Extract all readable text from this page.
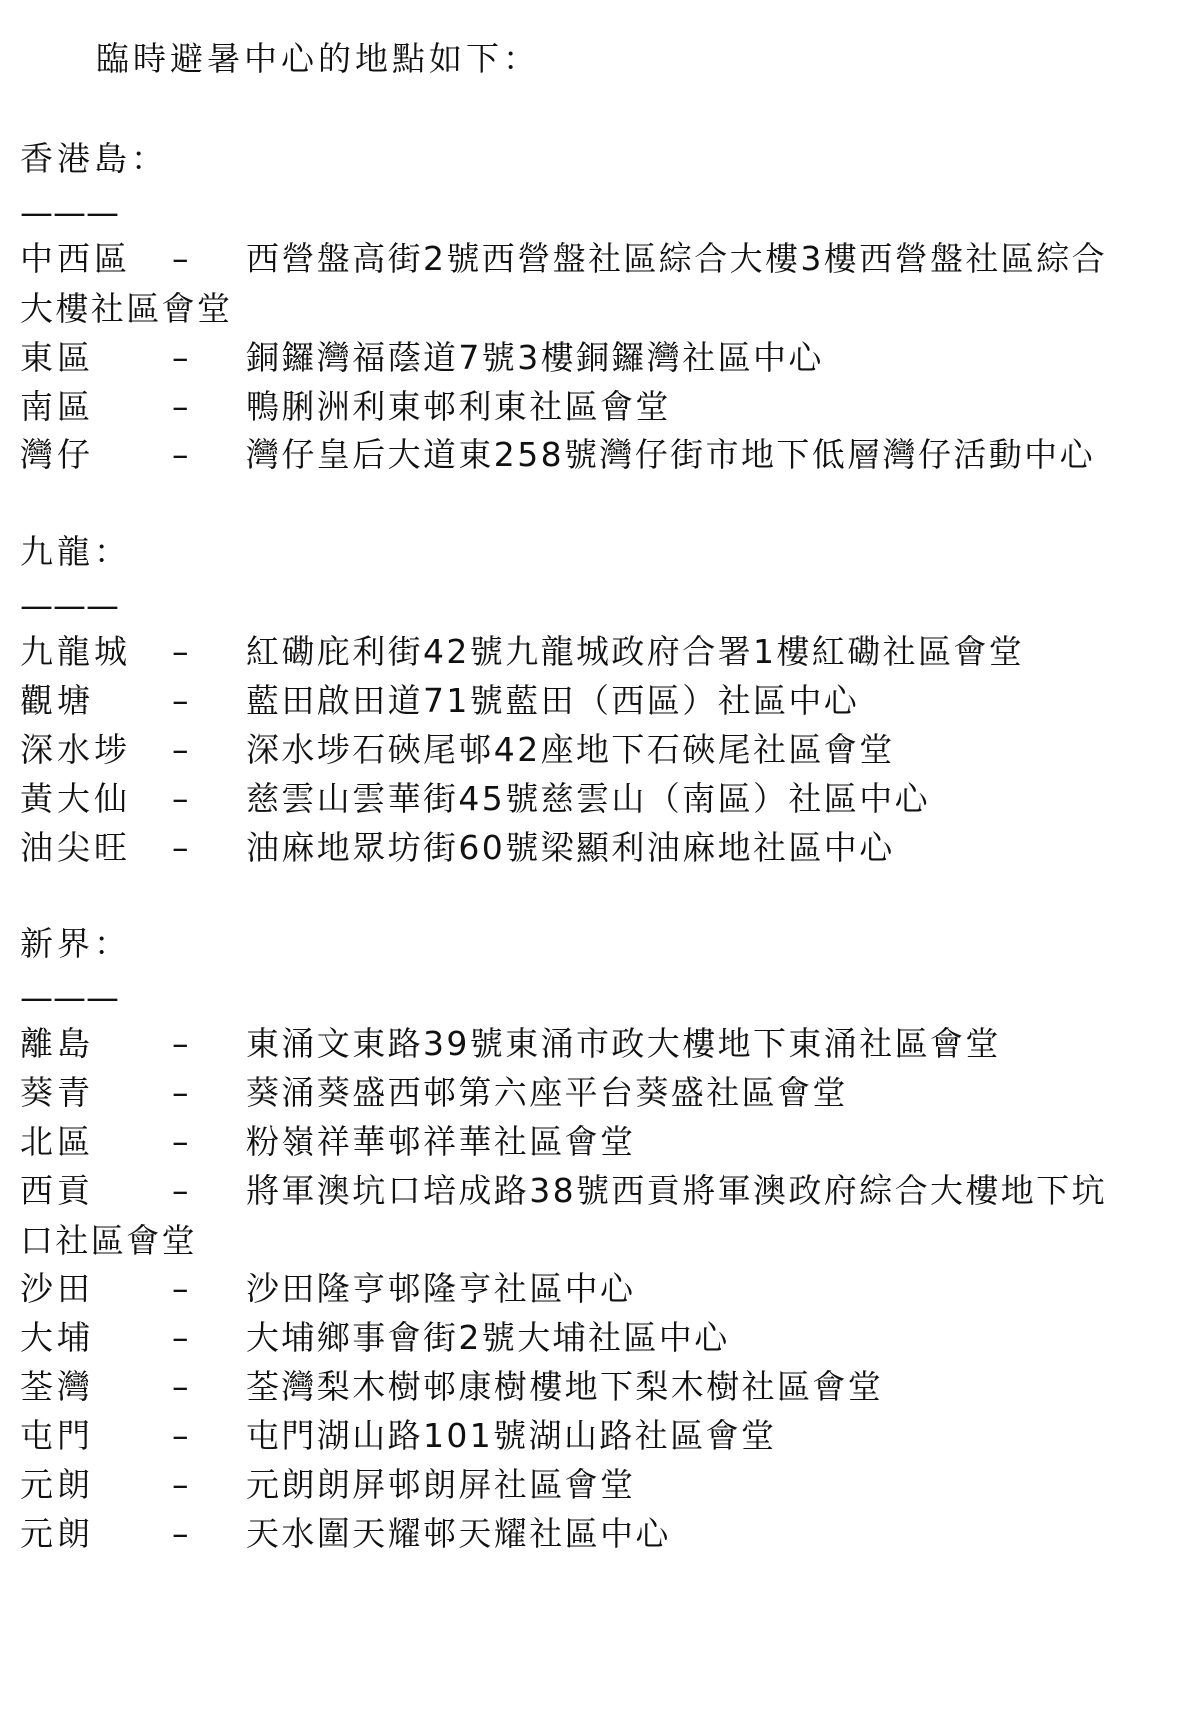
臨時避暑中心的地點如下：
香港島：
———
中西區 – 西營盤高街2號西營盤社區綜合大樓3樓西營盤社區綜合
大樓社區會堂
東區 – 銅鑼灣福蔭道7號3樓銅鑼灣社區中心
南區 – 鴨脷洲利東邨利東社區會堂
灣仔 – 灣仔皇后大道東258號灣仔街市地下低層灣仔活動中心
九龍：
———
九龍城 – 紅磡庇利街42號九龍城政府合署1樓紅磡社區會堂
觀塘 – 藍田啟田道71號藍田（西區）社區中心
深水埗 – 深水埗石硤尾邨42座地下石硤尾社區會堂
黃大仙 – 慈雲山雲華街45號慈雲山（南區）社區中心
油尖旺 – 油麻地眾坊街60號梁顯利油麻地社區中心
新界：
———
離島 – 東涌文東路39號東涌市政大樓地下東涌社區會堂
葵青 – 葵涌葵盛西邨第六座平台葵盛社區會堂
北區 – 粉嶺祥華邨祥華社區會堂
西貢 – 將軍澳坑口培成路38號西貢將軍澳政府綜合大樓地下坑
口社區會堂
沙田 – 沙田隆亨邨隆亨社區中心
大埔 – 大埔鄉事會街2號大埔社區中心
荃灣 – 荃灣梨木樹邨康樹樓地下梨木樹社區會堂
屯門 – 屯門湖山路101號湖山路社區會堂
元朗 – 元朗朗屏邨朗屏社區會堂
元朗 – 天水圍天耀邨天耀社區中心
